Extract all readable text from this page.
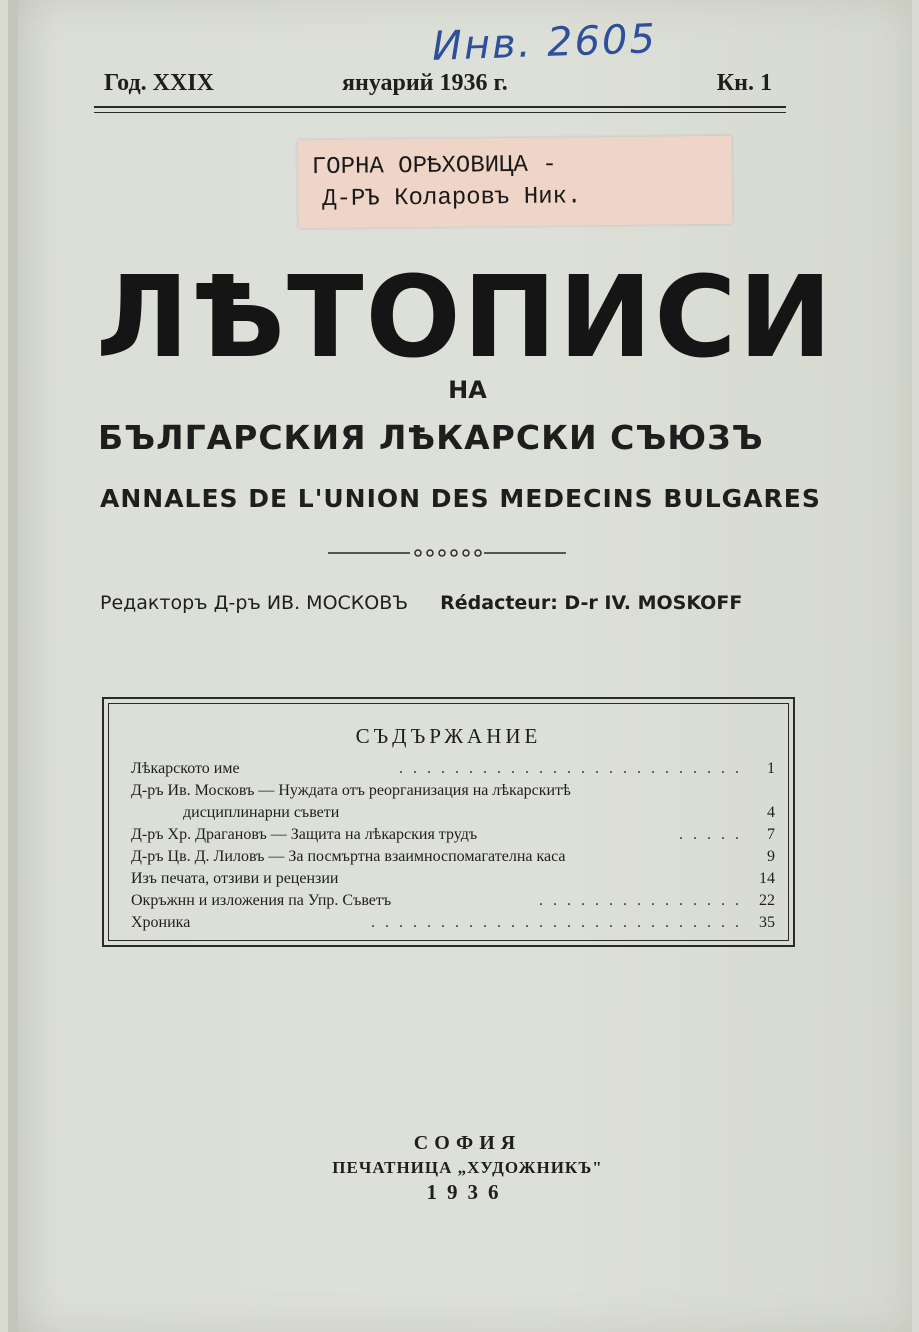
Инв. 2605
Год. XXIX	януарий 1936 г.	Кн. 1
ГОРНА ОРѢХОВИЦА -
Д-РЪ Коларовъ Ник.
ЛѢТОПИСИ
НА
БЪЛГАРСКИЯ ЛѢКАРСКИ СЪЮЗЪ
ANNALES DE L'UNION DES MEDECINS BULGARES
Редакторъ Д-ръ ИВ. МОСКОВЪ Rédacteur: D-r IV. MOSKOFF
СЪДЪРЖАНИЕ
Лѣкарското име	......................... 1
Д-ръ Ив. Московъ — Нуждата отъ реорганизация на лѣкарскитѣ
дисциплинарни съвети	4
Д-ръ Хр. Драгановъ — Защита на лѣкарския трудъ	..... 7
Д-ръ Цв. Д. Лиловъ — За посмъртна взаимноспомагателна каса	9
Изъ печата, отзиви и рецензии	14
Окръжнн и изложения па Упр. Съветъ	............... 22
Хроника	........................... 35
СОФИЯ
ПЕЧАТНИЦА „ХУДОЖНИКЪ"
1936
